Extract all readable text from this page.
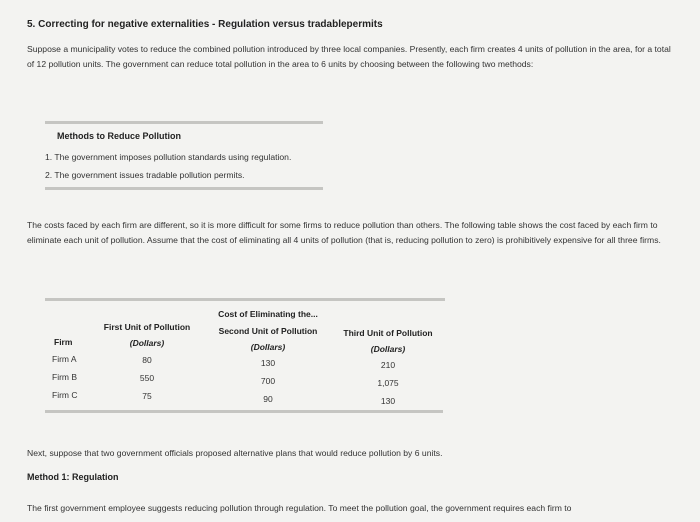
5. Correcting for negative externalities - Regulation versus tradablepermits
Suppose a municipality votes to reduce the combined pollution introduced by three local companies. Presently, each firm creates 4 units of pollution in the area, for a total of 12 pollution units. The government can reduce total pollution in the area to 6 units by choosing between the following two methods:
Methods to Reduce Pollution
1. The government imposes pollution standards using regulation.
2. The government issues tradable pollution permits.
The costs faced by each firm are different, so it is more difficult for some firms to reduce pollution than others. The following table shows the cost faced by each firm to eliminate each unit of pollution. Assume that the cost of eliminating all 4 units of pollution (that is, reducing pollution to zero) is prohibitively expensive for all three firms.
Cost of Eliminating the...
First Unit of Pollution	Second Unit of Pollution	Third Unit of Pollution
Firm	(Dollars)	(Dollars)	(Dollars)
Firm A	80	130	210
Firm B	550	700	1,075
Firm C	75	90	130
Next, suppose that two government officials proposed alternative plans that would reduce pollution by 6 units.
Method 1: Regulation
The first government employee suggests reducing pollution through regulation. To meet the pollution goal, the government requires each firm to
